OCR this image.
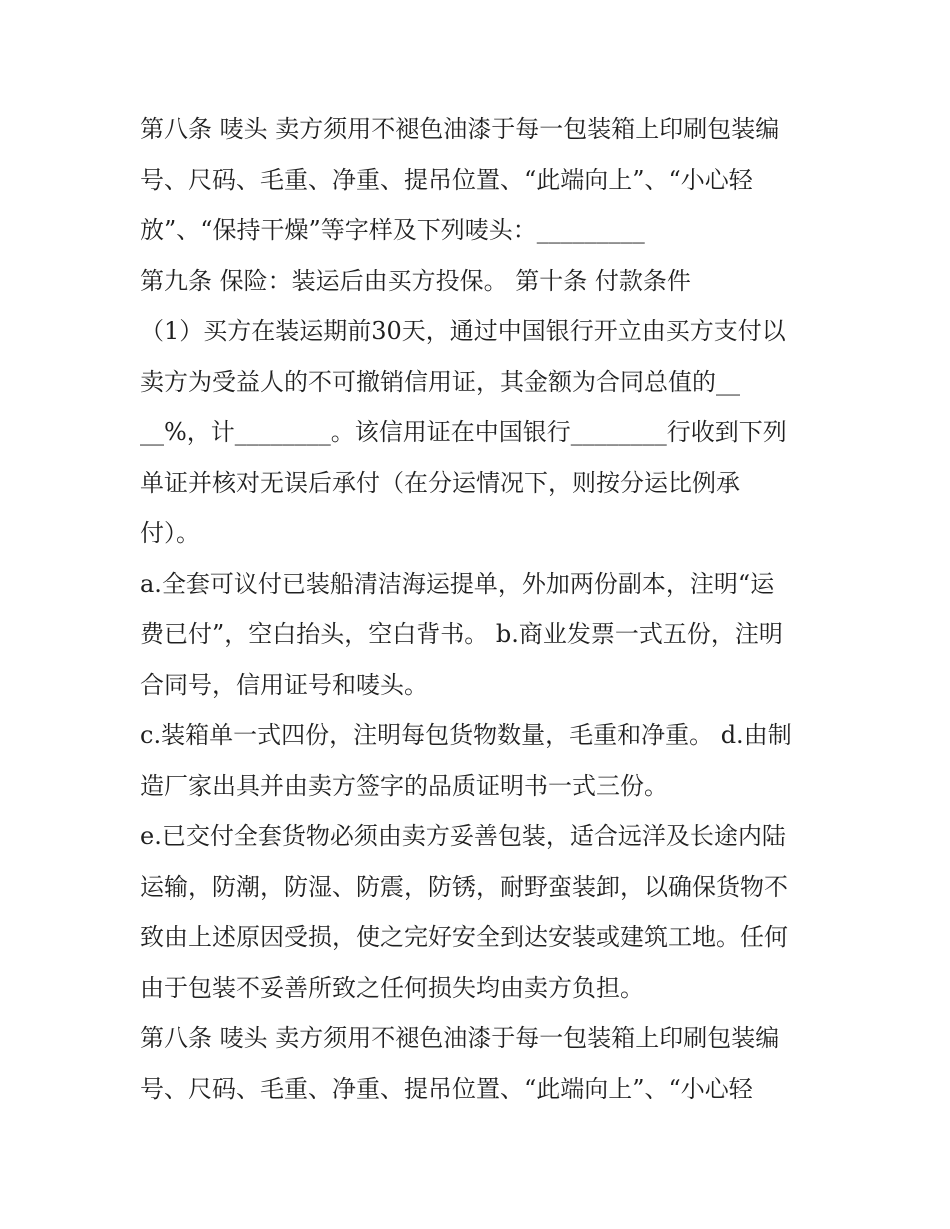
第八条 唛头 卖方须用不褪色油漆于每一包装箱上印刷包装编
号、尺码、毛重、净重、提吊位置、“此端向上”、“小心轻
放”、“保持干燥”等字样及下列唛头：_________
第九条 保险：装运后由买方投保。 第十条 付款条件
（1）买方在装运期前30天，通过中国银行开立由买方支付以
卖方为受益人的不可撤销信用证，其金额为合同总值的__
__%，计________。该信用证在中国银行________行收到下列
单证并核对无误后承付（在分运情况下，则按分运比例承
付）。
a.全套可议付已装船清洁海运提单，外加两份副本，注明“运
费已付”，空白抬头，空白背书。 b.商业发票一式五份，注明
合同号，信用证号和唛头。
c.装箱单一式四份，注明每包货物数量，毛重和净重。 d.由制
造厂家出具并由卖方签字的品质证明书一式三份。
e.已交付全套货物必须由卖方妥善包装，适合远洋及长途内陆
运输，防潮，防湿、防震，防锈，耐野蛮装卸，以确保货物不
致由上述原因受损，使之完好安全到达安装或建筑工地。任何
由于包装不妥善所致之任何损失均由卖方负担。
第八条 唛头 卖方须用不褪色油漆于每一包装箱上印刷包装编
号、尺码、毛重、净重、提吊位置、“此端向上”、“小心轻
